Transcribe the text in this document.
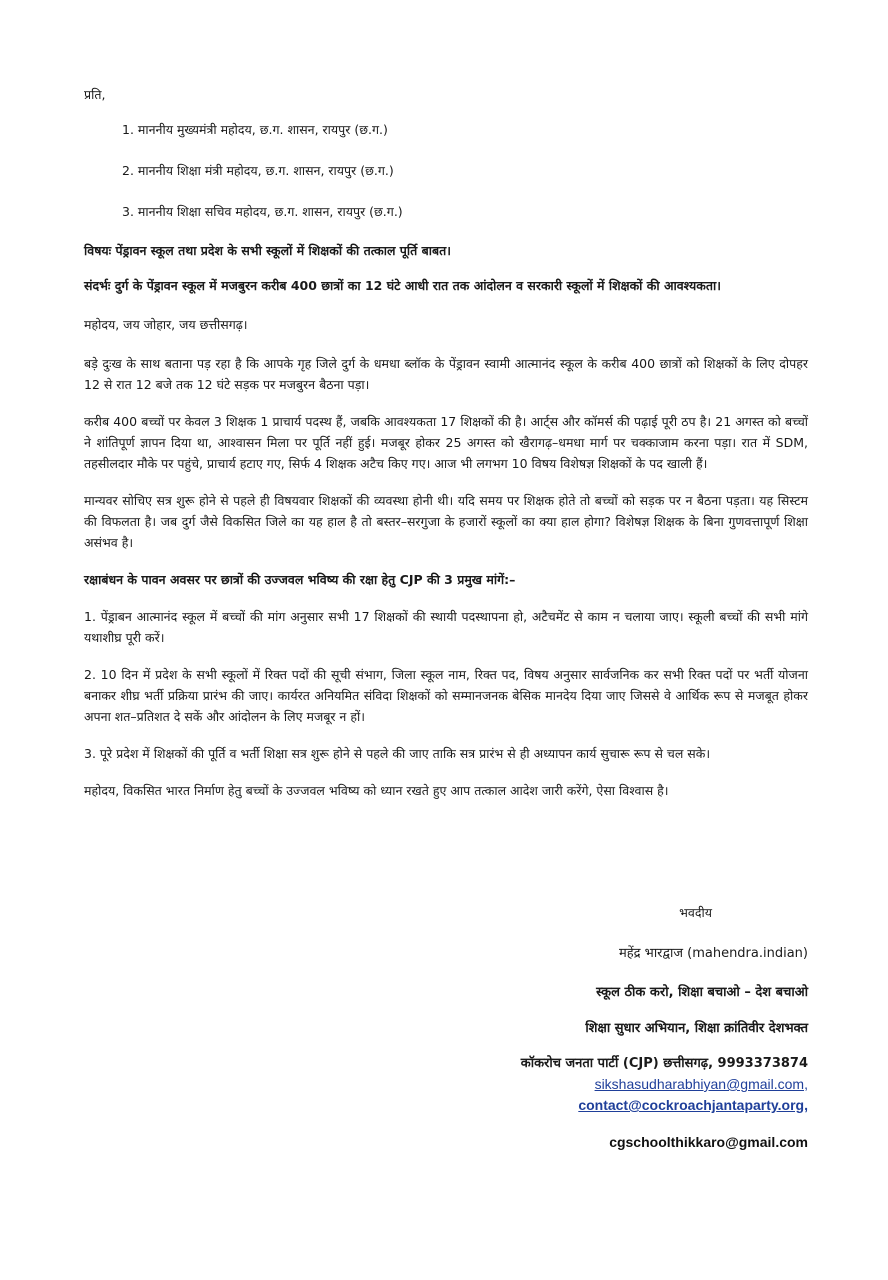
प्रति,

1. माननीय मुख्यमंत्री महोदय, छ.ग. शासन, रायपुर (छ.ग.)
2. माननीय शिक्षा मंत्री महोदय, छ.ग. शासन, रायपुर (छ.ग.)
3. माननीय शिक्षा सचिव महोदय, छ.ग. शासन, रायपुर (छ.ग.)

विषयः पेंड्रावन स्कूल तथा प्रदेश के सभी स्कूलों में शिक्षकों की तत्काल पूर्ति बाबत।

संदर्भः दुर्ग के पेंड्रावन स्कूल में मजबुरन करीब 400 छात्रों का 12 घंटे आधी रात तक आंदोलन व सरकारी स्कूलों में शिक्षकों की आवश्यकता।

महोदय, जय जोहार, जय छत्तीसगढ़।

बड़े दुःख के साथ बताना पड़ रहा है कि आपके गृह जिले दुर्ग के धमधा ब्लॉक के पेंड्रावन स्वामी आत्मानंद स्कूल के करीब 400 छात्रों को शिक्षकों के लिए दोपहर 12 से रात 12 बजे तक 12 घंटे सड़क पर मजबुरन बैठना पड़ा।

करीब 400 बच्चों पर केवल 3 शिक्षक 1 प्राचार्य पदस्थ हैं, जबकि आवश्यकता 17 शिक्षकों की है। आर्ट्स और कॉमर्स की पढ़ाई पूरी ठप है। 21 अगस्त को बच्चों ने शांतिपूर्ण ज्ञापन दिया था, आश्वासन मिला पर पूर्ति नहीं हुई। मजबूर होकर 25 अगस्त को खैरागढ़–धमधा मार्ग पर चक्काजाम करना पड़ा। रात में SDM, तहसीलदार मौके पर पहुंचे, प्राचार्य हटाए गए, सिर्फ 4 शिक्षक अटैच किए गए। आज भी लगभग 10 विषय विशेषज्ञ शिक्षकों के पद खाली हैं।

मान्यवर सोचिए सत्र शुरू होने से पहले ही विषयवार शिक्षकों की व्यवस्था होनी थी। यदि समय पर शिक्षक होते तो बच्चों को सड़क पर न बैठना पड़ता। यह सिस्टम की विफलता है। जब दुर्ग जैसे विकसित जिले का यह हाल है तो बस्तर–सरगुजा के हजारों स्कूलों का क्या हाल होगा? विशेषज्ञ शिक्षक के बिना गुणवत्तापूर्ण शिक्षा असंभव है।

रक्षाबंधन के पावन अवसर पर छात्रों की उज्जवल भविष्य की रक्षा हेतु CJP की 3 प्रमुख मांगें:–

1. पेंड्राबन आत्मानंद स्कूल में बच्चों की मांग अनुसार सभी 17 शिक्षकों की स्थायी पदस्थापना हो, अटैचमेंट से काम न चलाया जाए। स्कूली बच्चों की सभी मांगे यथाशीघ्र पूरी करें।

2. 10 दिन में प्रदेश के सभी स्कूलों में रिक्त पदों की सूची संभाग, जिला स्कूल नाम, रिक्त पद, विषय अनुसार सार्वजनिक कर सभी रिक्त पदों पर भर्ती योजना बनाकर शीघ्र भर्ती प्रक्रिया प्रारंभ की जाए। कार्यरत अनियमित संविदा शिक्षकों को सम्मानजनक बेसिक मानदेय दिया जाए जिससे वे आर्थिक रूप से मजबूत होकर अपना शत–प्रतिशत दे सकें और आंदोलन के लिए मजबूर न हों।

3. पूरे प्रदेश में शिक्षकों की पूर्ति व भर्ती शिक्षा सत्र शुरू होने से पहले की जाए ताकि सत्र प्रारंभ से ही अध्यापन कार्य सुचारू रूप से चल सके।

महोदय, विकसित भारत निर्माण हेतु बच्चों के उज्जवल भविष्य को ध्यान रखते हुए आप तत्काल आदेश जारी करेंगे, ऐसा विश्वास है।

भवदीय
महेंद्र भारद्वाज (mahendra.indian)
स्कूल ठीक करो, शिक्षा बचाओ – देश बचाओ
शिक्षा सुधार अभियान, शिक्षा क्रांतिवीर देशभक्त
कॉकरोच जनता पार्टी (CJP) छत्तीसगढ़, 9993373874
sikshasudharabhiyan@gmail.com,
contact@cockroachjantaparty.org,
cgschoolthikkaro@gmail.com
